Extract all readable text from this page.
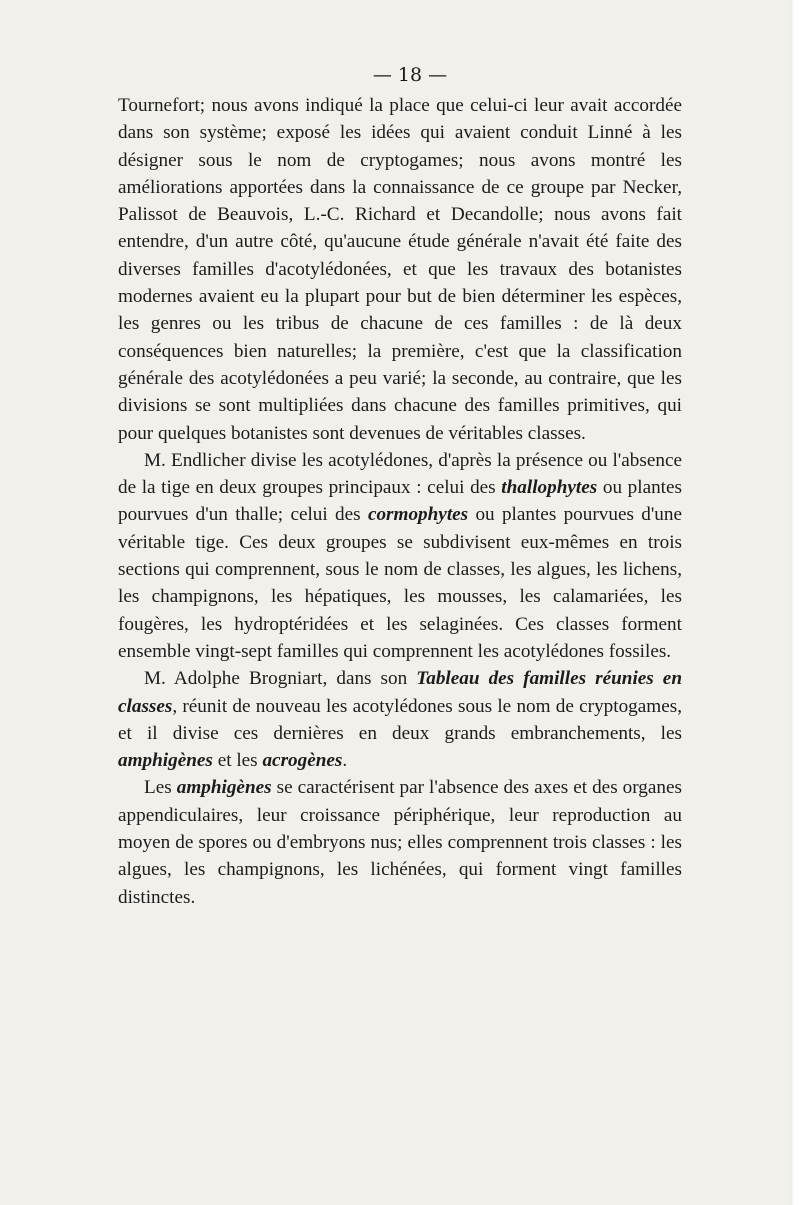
— 18 —

Tournefort; nous avons indiqué la place que celui-ci leur avait accordée dans son système; exposé les idées qui avaient conduit Linné à les désigner sous le nom de cryptogames; nous avons montré les améliorations apportées dans la connaissance de ce groupe par Necker, Palissot de Beauvois, L.-C. Richard et Decandolle; nous avons fait entendre, d'un autre côté, qu'aucune étude générale n'avait été faite des diverses familles d'acotylédonées, et que les travaux des botanistes modernes avaient eu la plupart pour but de bien déterminer les espèces, les genres ou les tribus de chacune de ces familles : de là deux conséquences bien naturelles; la première, c'est que la classification générale des acotylédonées a peu varié; la seconde, au contraire, que les divisions se sont multipliées dans chacune des familles primitives, qui pour quelques botanistes sont devenues de véritables classes.

M. Endlicher divise les acotylédones, d'après la présence ou l'absence de la tige en deux groupes principaux : celui des thallophytes ou plantes pourvues d'un thalle; celui des cormophytes ou plantes pourvues d'une véritable tige. Ces deux groupes se subdivisent eux-mêmes en trois sections qui comprennent, sous le nom de classes, les algues, les lichens, les champignons, les hépatiques, les mousses, les calamariées, les fougères, les hydroptéridées et les selaginées. Ces classes forment ensemble vingt-sept familles qui comprennent les acotylédones fossiles.

M. Adolphe Brogniart, dans son Tableau des familles réunies en classes, réunit de nouveau les acotylédones sous le nom de cryptogames, et il divise ces dernières en deux grands embranchements, les amphigènes et les acrogènes.

Les amphigènes se caractérisent par l'absence des axes et des organes appendiculaires, leur croissance périphérique, leur reproduction au moyen de spores ou d'embryons nus; elles comprennent trois classes : les algues, les champignons, les lichénées, qui forment vingt familles distinctes.
